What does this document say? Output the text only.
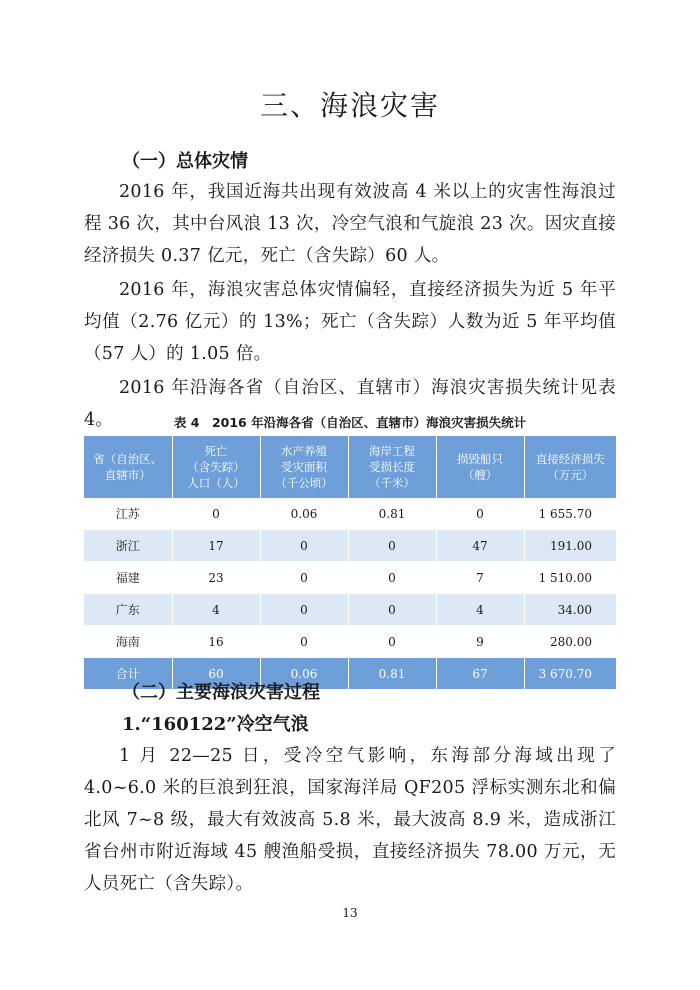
三、海浪灾害
（一）总体灾情

2016 年，我国近海共出现有效波高 4 米以上的灾害性海浪过程 36 次，其中台风浪 13 次，冷空气浪和气旋浪 23 次。因灾直接经济损失 0.37 亿元，死亡（含失踪）60 人。

2016 年，海浪灾害总体灾情偏轻，直接经济损失为近 5 年平均值（2.76 亿元）的 13%；死亡（含失踪）人数为近 5 年平均值（57 人）的 1.05 倍。

2016 年沿海各省（自治区、直辖市）海浪灾害损失统计见表 4。	表 4　2016 年沿海各省（自治区、直辖市）海浪灾害损失统计
省（自治区、
直辖市）	死亡
（含失踪）
人口（人）	水产养殖
受灾面积
（千公顷）	海岸工程
受损长度
（千米）	损毁船只
（艘）	直接经济损失
（万元）
江苏	0	0.06	0.81	0	1 655.70
浙江	17	0	0	47	191.00
福建	23	0	0	7	1 510.00
广东	4	0	0	4	34.00
海南	16	0	0	9	280.00
合计	60	0.06	0.81	67	3 670.70
（二）主要海浪灾害过程
1.“160122”冷空气浪

1 月 22—25 日，受冷空气影响，东海部分海域出现了 4.0~6.0 米的巨浪到狂浪，国家海洋局 QF205 浮标实测东北和偏北风 7~8 级，最大有效波高 5.8 米，最大波高 8.9 米，造成浙江省台州市附近海域 45 艘渔船受损，直接经济损失 78.00 万元，无人员死亡（含失踪）。

13
